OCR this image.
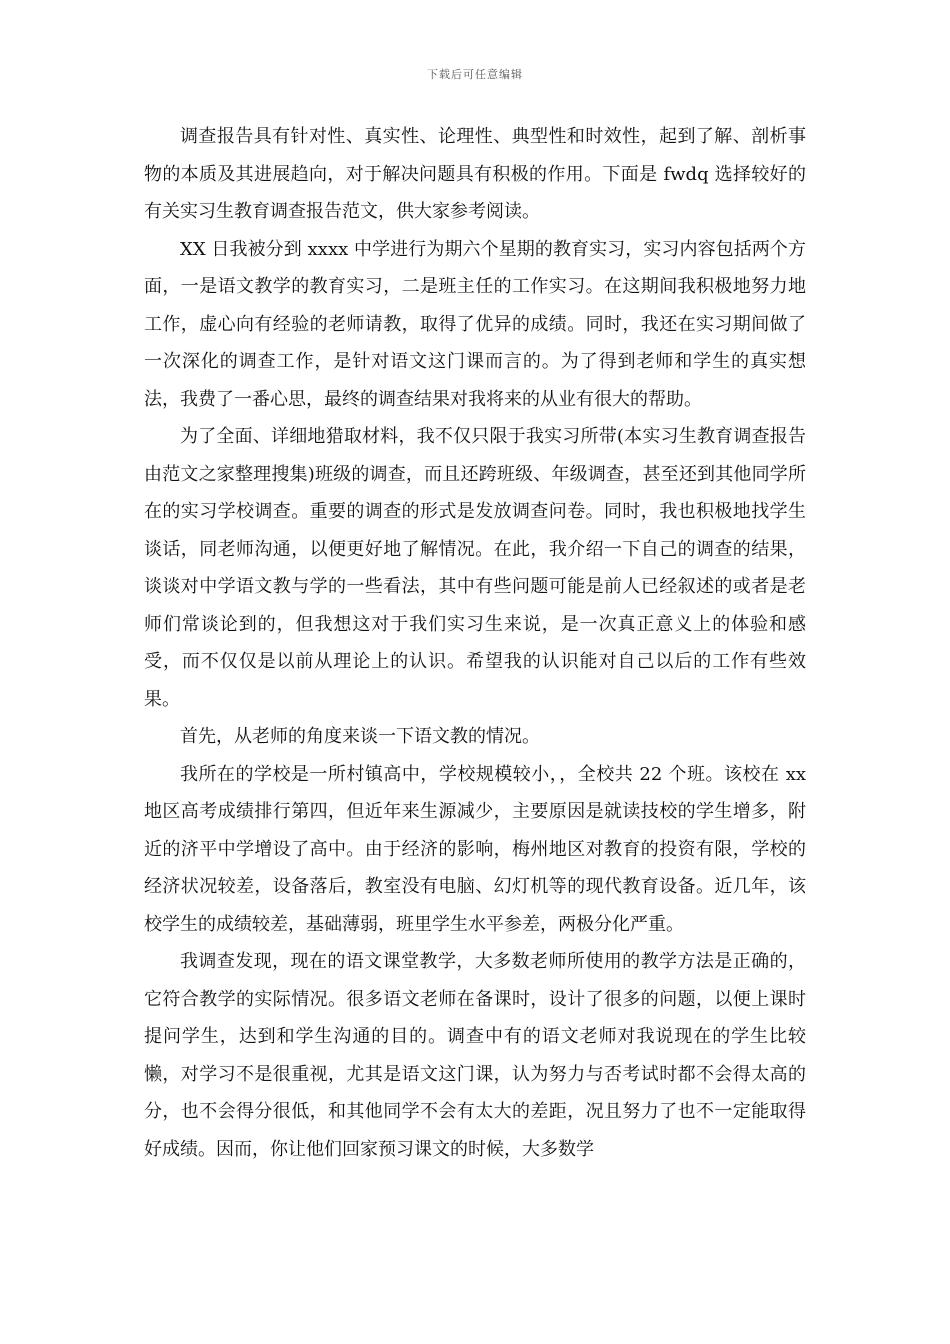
下载后可任意编辑

调查报告具有针对性、真实性、论理性、典型性和时效性，起到了解、剖析事物的本质及其进展趋向，对于解决问题具有积极的作用。下面是 fwdq 选择较好的有关实习生教育调查报告范文，供大家参考阅读。

XX 日我被分到 xxxx 中学进行为期六个星期的教育实习，实习内容包括两个方面，一是语文教学的教育实习，二是班主任的工作实习。在这期间我积极地努力地工作，虚心向有经验的老师请教，取得了优异的成绩。同时，我还在实习期间做了一次深化的调查工作，是针对语文这门课而言的。为了得到老师和学生的真实想法，我费了一番心思，最终的调查结果对我将来的从业有很大的帮助。

为了全面、详细地猎取材料，我不仅只限于我实习所带(本实习生教育调查报告由范文之家整理搜集)班级的调查，而且还跨班级、年级调查，甚至还到其他同学所在的实习学校调查。重要的调查的形式是发放调查问卷。同时，我也积极地找学生谈话，同老师沟通，以便更好地了解情况。在此，我介绍一下自己的调查的结果，谈谈对中学语文教与学的一些看法，其中有些问题可能是前人已经叙述的或者是老师们常谈论到的，但我想这对于我们实习生来说，是一次真正意义上的体验和感受，而不仅仅是以前从理论上的认识。希望我的认识能对自己以后的工作有些效果。

首先，从老师的角度来谈一下语文教的情况。

我所在的学校是一所村镇高中，学校规模较小，，全校共 22 个班。该校在 xx 地区高考成绩排行第四，但近年来生源减少，主要原因是就读技校的学生增多，附近的济平中学增设了高中。由于经济的影响，梅州地区对教育的投资有限，学校的经济状况较差，设备落后，教室没有电脑、幻灯机等的现代教育设备。近几年，该校学生的成绩较差，基础薄弱，班里学生水平参差，两极分化严重。

我调查发现，现在的语文课堂教学，大多数老师所使用的教学方法是正确的，它符合教学的实际情况。很多语文老师在备课时，设计了很多的问题，以便上课时提问学生，达到和学生沟通的目的。调查中有的语文老师对我说现在的学生比较懒，对学习不是很重视，尤其是语文这门课，认为努力与否考试时都不会得太高的分，也不会得分很低，和其他同学不会有太大的差距，况且努力了也不一定能取得好成绩。因而，你让他们回家预习课文的时候，大多数学
